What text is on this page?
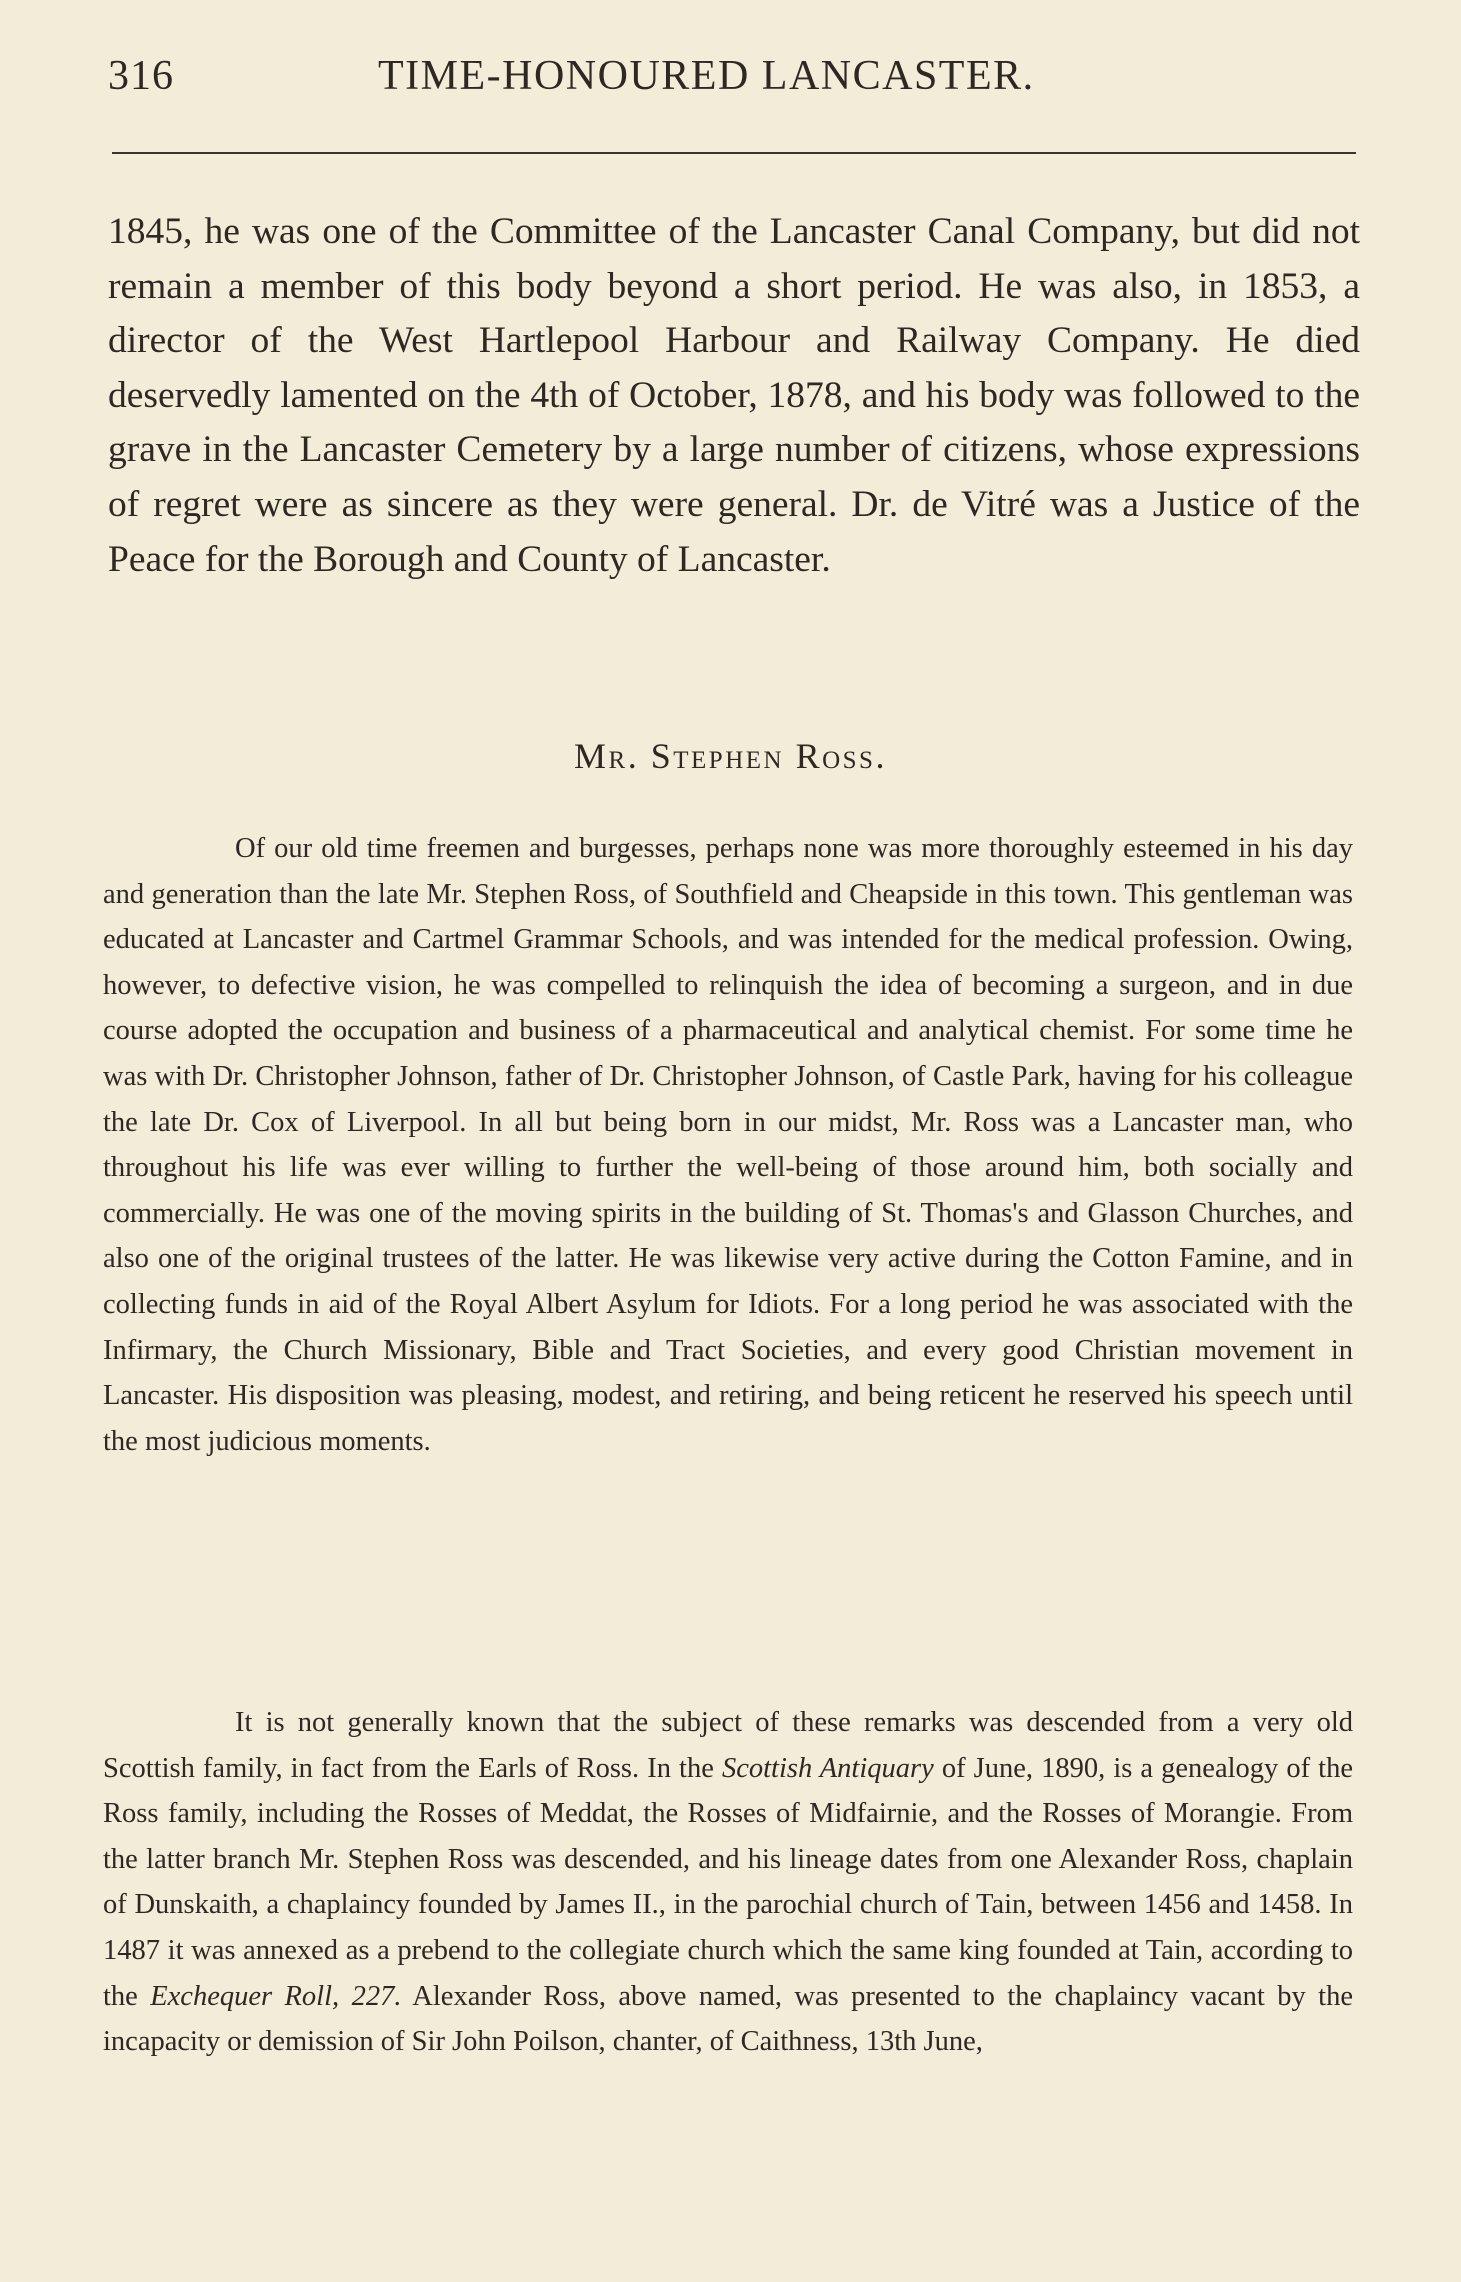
316	TIME-HONOURED LANCASTER.

1845, he was one of the Committee of the Lancaster Canal Company, but did not remain a member of this body beyond a short period. He was also, in 1853, a director of the West Hartlepool Harbour and Railway Company. He died deservedly lamented on the 4th of October, 1878, and his body was followed to the grave in the Lancaster Cemetery by a large number of citizens, whose expressions of regret were as sincere as they were general. Dr. de Vitré was a Justice of the Peace for the Borough and County of Lancaster.

Mr. Stephen Ross.

Of our old time freemen and burgesses, perhaps none was more thoroughly esteemed in his day and generation than the late Mr. Stephen Ross, of Southfield and Cheapside in this town. This gentleman was educated at Lancaster and Cartmel Grammar Schools, and was intended for the medical profession. Owing, however, to defective vision, he was compelled to relinquish the idea of becoming a surgeon, and in due course adopted the occupation and business of a pharmaceutical and analytical chemist. For some time he was with Dr. Christopher Johnson, father of Dr. Christopher Johnson, of Castle Park, having for his colleague the late Dr. Cox of Liverpool. In all but being born in our midst, Mr. Ross was a Lancaster man, who throughout his life was ever willing to further the well-being of those around him, both socially and commercially. He was one of the moving spirits in the building of St. Thomas's and Glasson Churches, and also one of the original trustees of the latter. He was likewise very active during the Cotton Famine, and in collecting funds in aid of the Royal Albert Asylum for Idiots. For a long period he was associated with the Infirmary, the Church Missionary, Bible and Tract Societies, and every good Christian movement in Lancaster. His disposition was pleasing, modest, and retiring, and being reticent he reserved his speech until the most judicious moments.

It is not generally known that the subject of these remarks was descended from a very old Scottish family, in fact from the Earls of Ross. In the Scottish Antiquary of June, 1890, is a genealogy of the Ross family, including the Rosses of Meddat, the Rosses of Midfairnie, and the Rosses of Morangie. From the latter branch Mr. Stephen Ross was descended, and his lineage dates from one Alexander Ross, chaplain of Dunskaith, a chaplaincy founded by James II., in the parochial church of Tain, between 1456 and 1458. In 1487 it was annexed as a prebend to the collegiate church which the same king founded at Tain, according to the Exchequer Roll, 227. Alexander Ross, above named, was presented to the chaplaincy vacant by the incapacity or demission of Sir John Poilson, chanter, of Caithness, 13th June,
